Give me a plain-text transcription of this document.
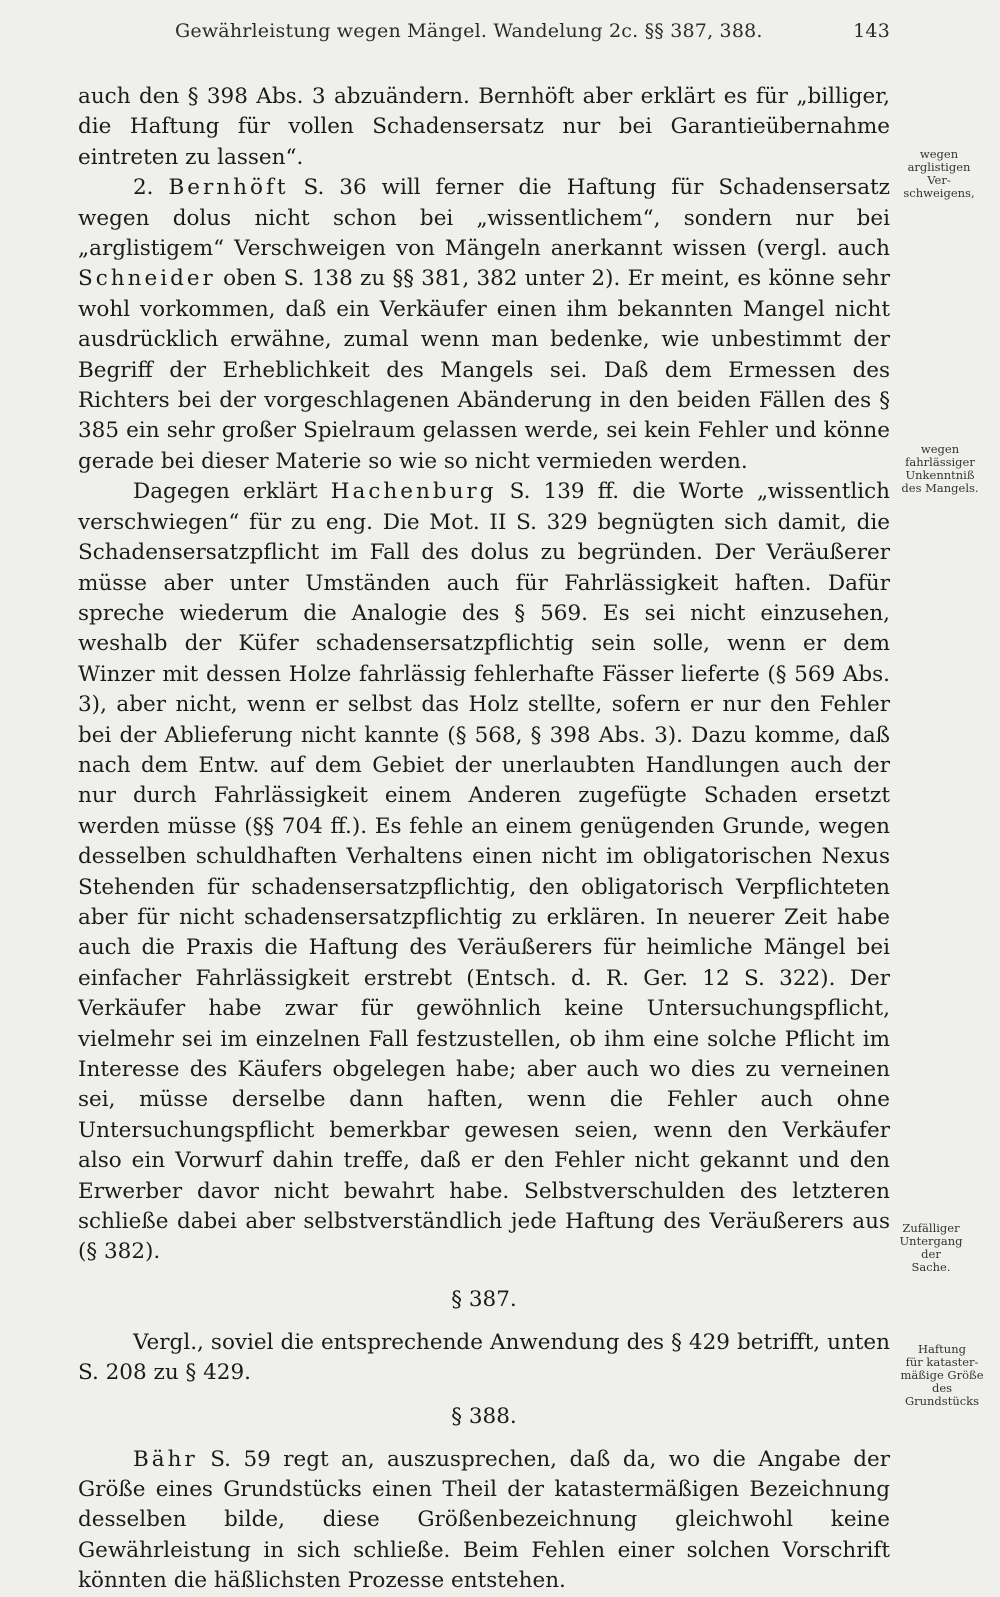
Gewährleistung wegen Mängel. Wandelung 2c. §§ 387, 388.	143

auch den § 398 Abs. 3 abzuändern. Bernhöft aber erklärt es für „billiger, die Haftung für vollen Schadensersatz nur bei Garantieübernahme eintreten zu lassen“.

2. Bernhöft S. 36 will ferner die Haftung für Schadensersatz wegen dolus nicht schon bei „wissentlichem“, sondern nur bei „arglistigem“ Verschweigen von Mängeln anerkannt wissen (vergl. auch Schneider oben S. 138 zu §§ 381, 382 unter 2). Er meint, es könne sehr wohl vorkommen, daß ein Verkäufer einen ihm bekannten Mangel nicht ausdrücklich erwähne, zumal wenn man bedenke, wie unbestimmt der Begriff der Erheblichkeit des Mangels sei. Daß dem Ermessen des Richters bei der vorgeschlagenen Abänderung in den beiden Fällen des § 385 ein sehr großer Spielraum gelassen werde, sei kein Fehler und könne gerade bei dieser Materie so wie so nicht vermieden werden.

Dagegen erklärt Hachenburg S. 139 ff. die Worte „wissentlich verschwiegen“ für zu eng. Die Mot. II S. 329 begnügten sich damit, die Schadensersatzpflicht im Fall des dolus zu begründen. Der Veräußerer müsse aber unter Umständen auch für Fahrlässigkeit haften. Dafür spreche wiederum die Analogie des § 569. Es sei nicht einzusehen, weshalb der Küfer schadensersatzpflichtig sein solle, wenn er dem Winzer mit dessen Holze fahrlässig fehlerhafte Fässer lieferte (§ 569 Abs. 3), aber nicht, wenn er selbst das Holz stellte, sofern er nur den Fehler bei der Ablieferung nicht kannte (§ 568, § 398 Abs. 3). Dazu komme, daß nach dem Entw. auf dem Gebiet der unerlaubten Handlungen auch der nur durch Fahrlässigkeit einem Anderen zugefügte Schaden ersetzt werden müsse (§§ 704 ff.). Es fehle an einem genügenden Grunde, wegen desselben schuldhaften Verhaltens einen nicht im obligatorischen Nexus Stehenden für schadensersatzpflichtig, den obligatorisch Verpflichteten aber für nicht schadensersatzpflichtig zu erklären. In neuerer Zeit habe auch die Praxis die Haftung des Veräußerers für heimliche Mängel bei einfacher Fahrlässigkeit erstrebt (Entsch. d. R. Ger. 12 S. 322). Der Verkäufer habe zwar für gewöhnlich keine Untersuchungspflicht, vielmehr sei im einzelnen Fall festzustellen, ob ihm eine solche Pflicht im Interesse des Käufers obgelegen habe; aber auch wo dies zu verneinen sei, müsse derselbe dann haften, wenn die Fehler auch ohne Untersuchungspflicht bemerkbar gewesen seien, wenn den Verkäufer also ein Vorwurf dahin treffe, daß er den Fehler nicht gekannt und den Erwerber davor nicht bewahrt habe. Selbstverschulden des letzteren schließe dabei aber selbstverständlich jede Haftung des Veräußerers aus (§ 382).

§ 387.

Vergl., soviel die entsprechende Anwendung des § 429 betrifft, unten S. 208 zu § 429.

§ 388.

Bähr S. 59 regt an, auszusprechen, daß da, wo die Angabe der Größe eines Grundstücks einen Theil der katastermäßigen Bezeichnung desselben bilde, diese Größenbezeichnung gleichwohl keine Gewährleistung in sich schließe. Beim Fehlen einer solchen Vorschrift könnten die häßlichsten Prozesse entstehen.

wegen
arglistigen
Ver-
schweigens,
wegen
fahrlässiger
Unkenntniß
des Mangels.
Zufälliger
Untergang der
Sache.
Haftung
für kataster-
mäßige Größe
des
Grundstücks
